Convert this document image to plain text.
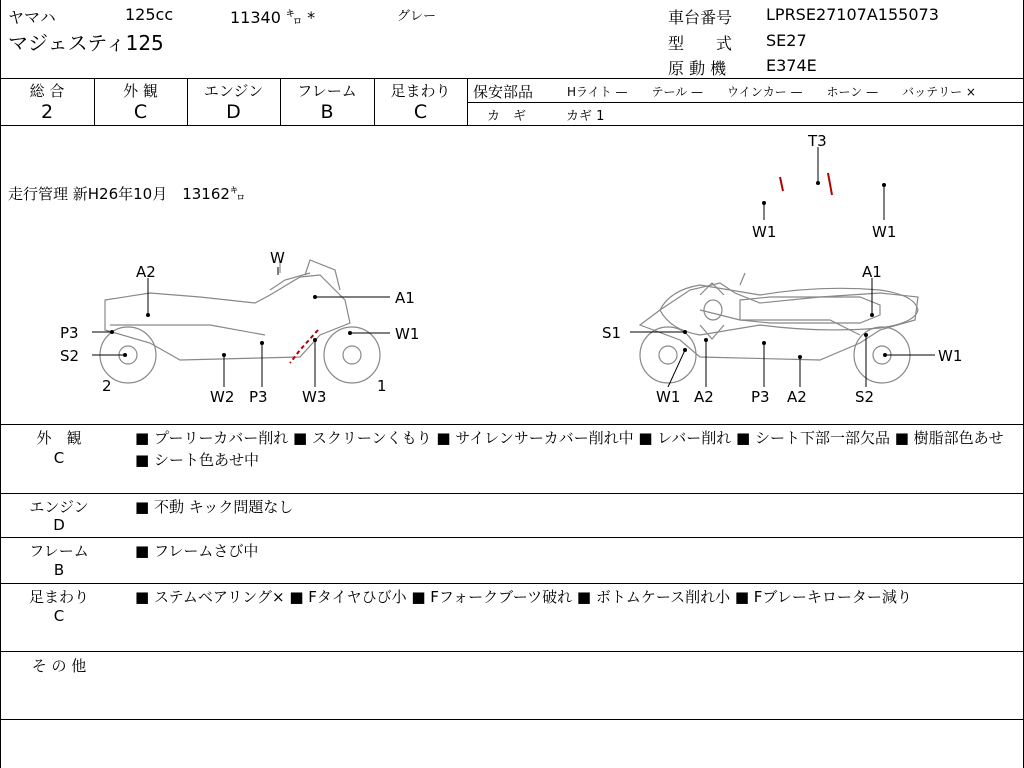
ヤマハ	125cc	11340 ㌔ *	グレー
マジェスティ125
車台番号 LPRSE27107A155073
型　　式 SE27
原 動 機 E374E
総 合
2
外 観
C
エンジン
D
フレーム
B
足まわり
C
保安部品	Hライト —　　テール —　　ウインカー —　　ホーン —　　バッテリー ×
カ　ギ	カギ 1
走行管理 新H26年10月　13162㌔
T3
W1	W1
W
A2
A1
P3	W1
S2
2	1
W2 P3 W3
A1
S1
W1
W1
A2 P3 A2	S2
外　観
C
■ プーリーカバー削れ ■ スクリーンくもり ■ サイレンサーカバー削れ中 ■ レバー削れ ■ シート下部一部欠品 ■ 樹脂部色あせ ■ シート色あせ中
エンジン
D
■ 不動 キック問題なし
フレーム
B
■ フレームさび中
足まわり
C
■ ステムベアリング× ■ Fタイヤひび小 ■ Fフォークブーツ破れ ■ ボトムケース削れ小 ■ Fブレーキローター減り
そ の 他
